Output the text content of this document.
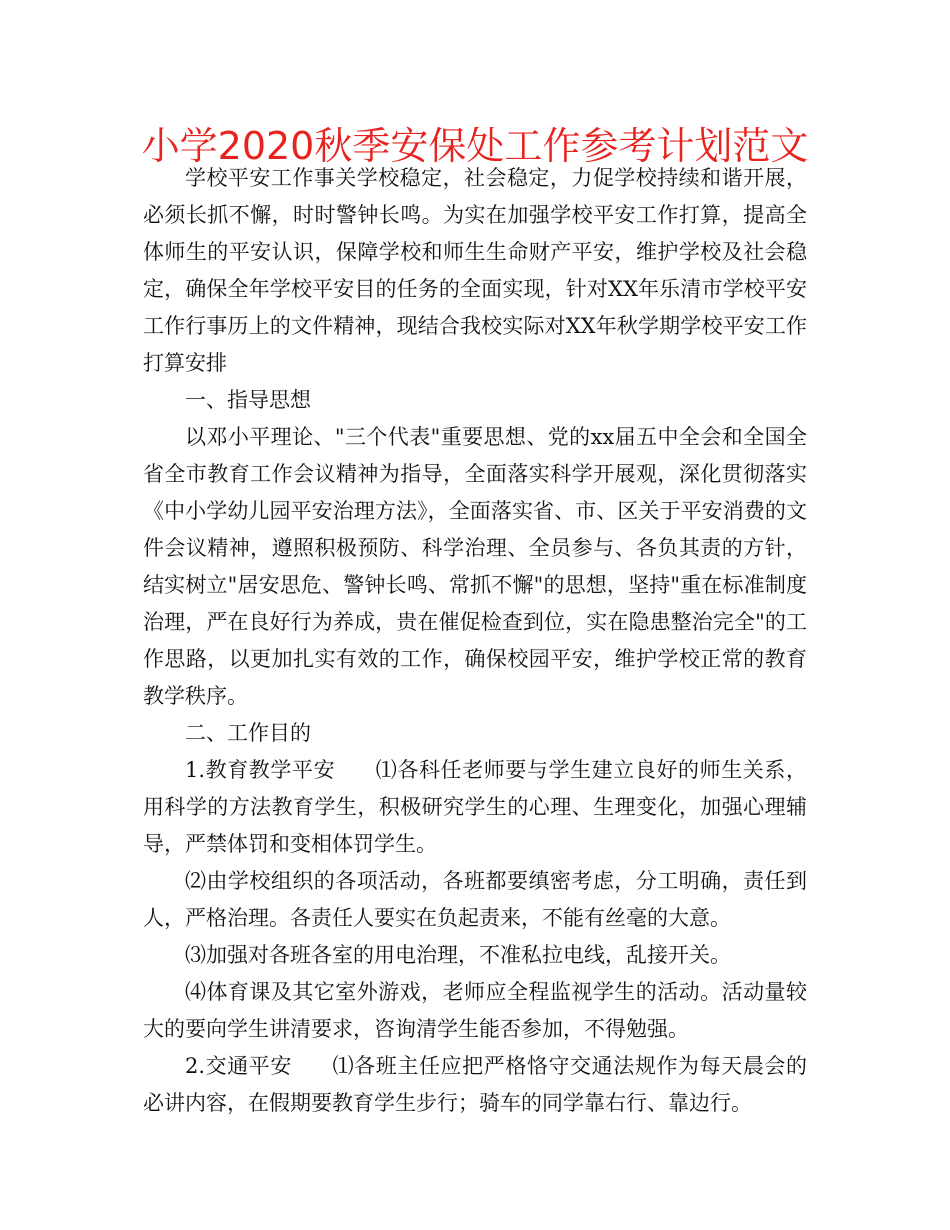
小学2020秋季安保处工作参考计划范文

学校平安工作事关学校稳定，社会稳定，力促学校持续和谐开展，必须长抓不懈，时时警钟长鸣。为实在加强学校平安工作打算，提高全体师生的平安认识，保障学校和师生生命财产平安，维护学校及社会稳定，确保全年学校平安目的任务的全面实现，针对XX年乐清市学校平安工作行事历上的文件精神，现结合我校实际对XX年秋学期学校平安工作打算安排

一、指导思想

以邓小平理论、"三个代表"重要思想、党的xx届五中全会和全国全省全市教育工作会议精神为指导，全面落实科学开展观，深化贯彻落实《中小学幼儿园平安治理方法》，全面落实省、市、区关于平安消费的文件会议精神，遵照积极预防、科学治理、全员参与、各负其责的方针，结实树立"居安思危、警钟长鸣、常抓不懈"的思想，坚持"重在标准制度治理，严在良好行为养成，贵在催促检查到位，实在隐患整治完全"的工作思路，以更加扎实有效的工作，确保校园平安，维护学校正常的教育教学秩序。

二、工作目的

1.教育教学平安 ⑴各科任老师要与学生建立良好的师生关系，用科学的方法教育学生，积极研究学生的心理、生理变化，加强心理辅导，严禁体罚和变相体罚学生。

⑵由学校组织的各项活动，各班都要缜密考虑，分工明确，责任到人，严格治理。各责任人要实在负起责来，不能有丝毫的大意。

⑶加强对各班各室的用电治理，不准私拉电线，乱接开关。

⑷体育课及其它室外游戏，老师应全程监视学生的活动。活动量较大的要向学生讲清要求，咨询清学生能否参加，不得勉强。

2.交通平安 ⑴各班主任应把严格恪守交通法规作为每天晨会的必讲内容，在假期要教育学生步行；骑车的同学靠右行、靠边行。
